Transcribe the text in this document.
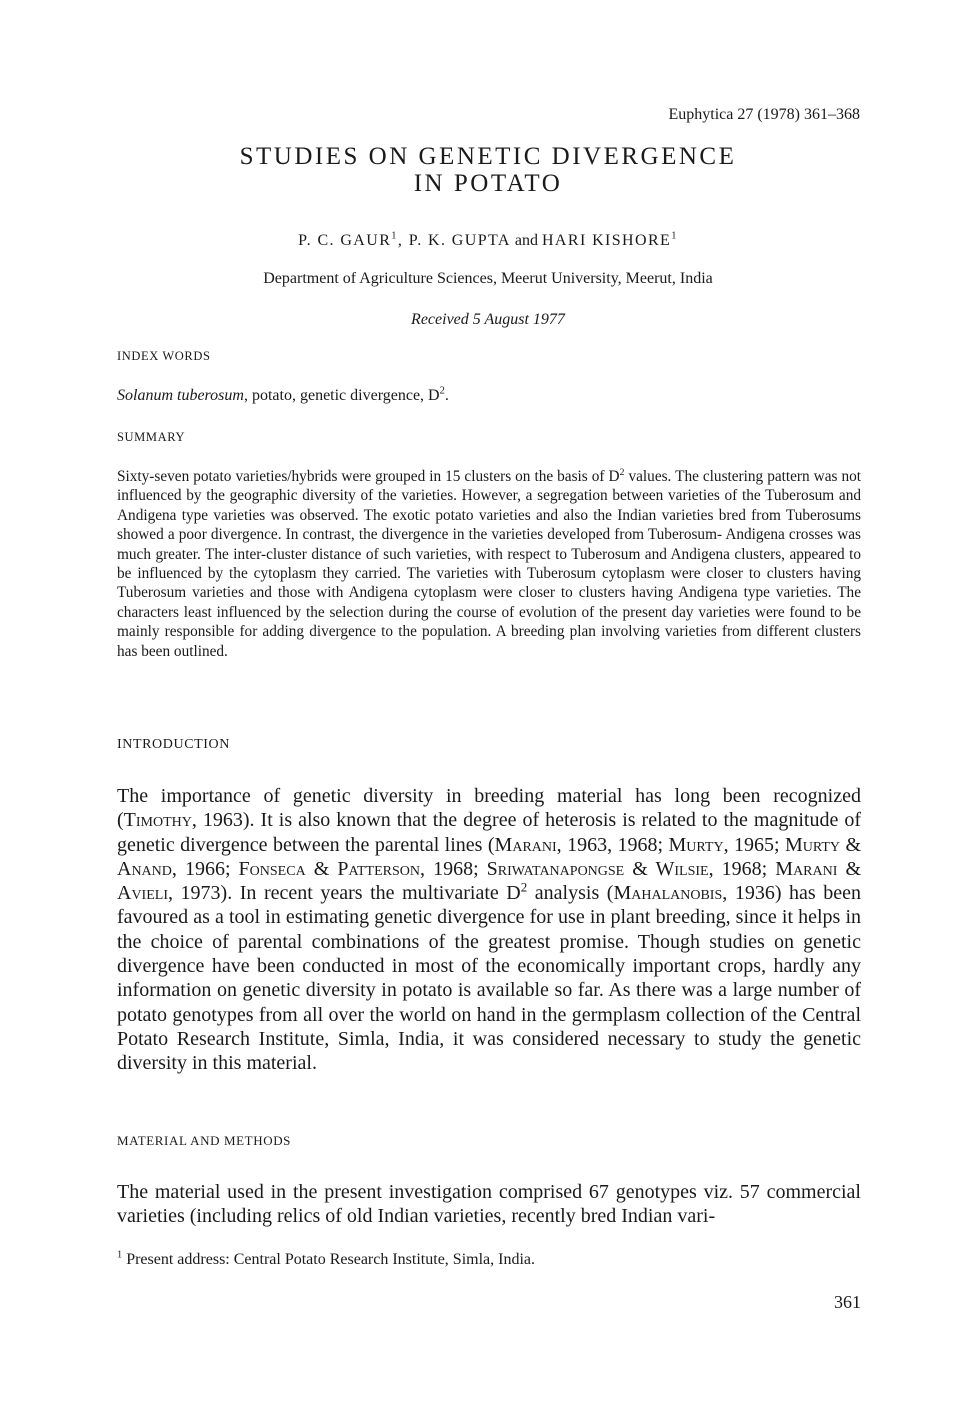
Euphytica 27 (1978) 361–368
STUDIES ON GENETIC DIVERGENCE
IN POTATO
P. C. GAUR$^1$, P. K. GUPTA and HARI KISHORE$^1$
Department of Agriculture Sciences, Meerut University, Meerut, India
Received 5 August 1977
INDEX WORDS
Solanum tuberosum, potato, genetic divergence, $D^2$.
SUMMARY

Sixty-seven potato varieties/hybrids were grouped in 15 clusters on the basis of $D^2$ values. The clustering pattern was not influenced by the geographic diversity of the varieties. However, a segregation between varieties of the Tuberosum and Andigena type varieties was observed. The exotic potato varieties and also the Indian varieties bred from Tuberosums showed a poor divergence. In contrast, the divergence in the varieties developed from Tuberosum- Andigena crosses was much greater. The inter-cluster distance of such varieties, with respect to Tuberosum and Andigena clusters, appeared to be influenced by the cytoplasm they carried. The varieties with Tuberosum cytoplasm were closer to clusters having Tuberosum varieties and those with Andigena cytoplasm were closer to clusters having Andigena type varieties. The characters least influenced by the selection during the course of evolution of the present day varieties were found to be mainly responsible for adding divergence to the population. A breeding plan involving varieties from different clusters has been outlined.

INTRODUCTION

The importance of genetic diversity in breeding material has long been recognized (Timothy, 1963). It is also known that the degree of heterosis is related to the magnitude of genetic divergence between the parental lines (Marani, 1963, 1968; Murty, 1965; Murty & Anand, 1966; Fonseca & Patterson, 1968; Sriwatanapongse & Wilsie, 1968; Marani & Avieli, 1973). In recent years the multivariate $D^2$ analysis (Mahalanobis, 1936) has been favoured as a tool in estimating genetic divergence for use in plant breeding, since it helps in the choice of parental combinations of the greatest promise. Though studies on genetic divergence have been conducted in most of the economically important crops, hardly any information on genetic diversity in potato is available so far. As there was a large number of potato genotypes from all over the world on hand in the germplasm collection of the Central Potato Research Institute, Simla, India, it was considered necessary to study the genetic diversity in this material.

MATERIAL AND METHODS

The material used in the present investigation comprised 67 genotypes viz. 57 commercial varieties (including relics of old Indian varieties, recently bred Indian vari-

$^1$ Present address: Central Potato Research Institute, Simla, India.
361
